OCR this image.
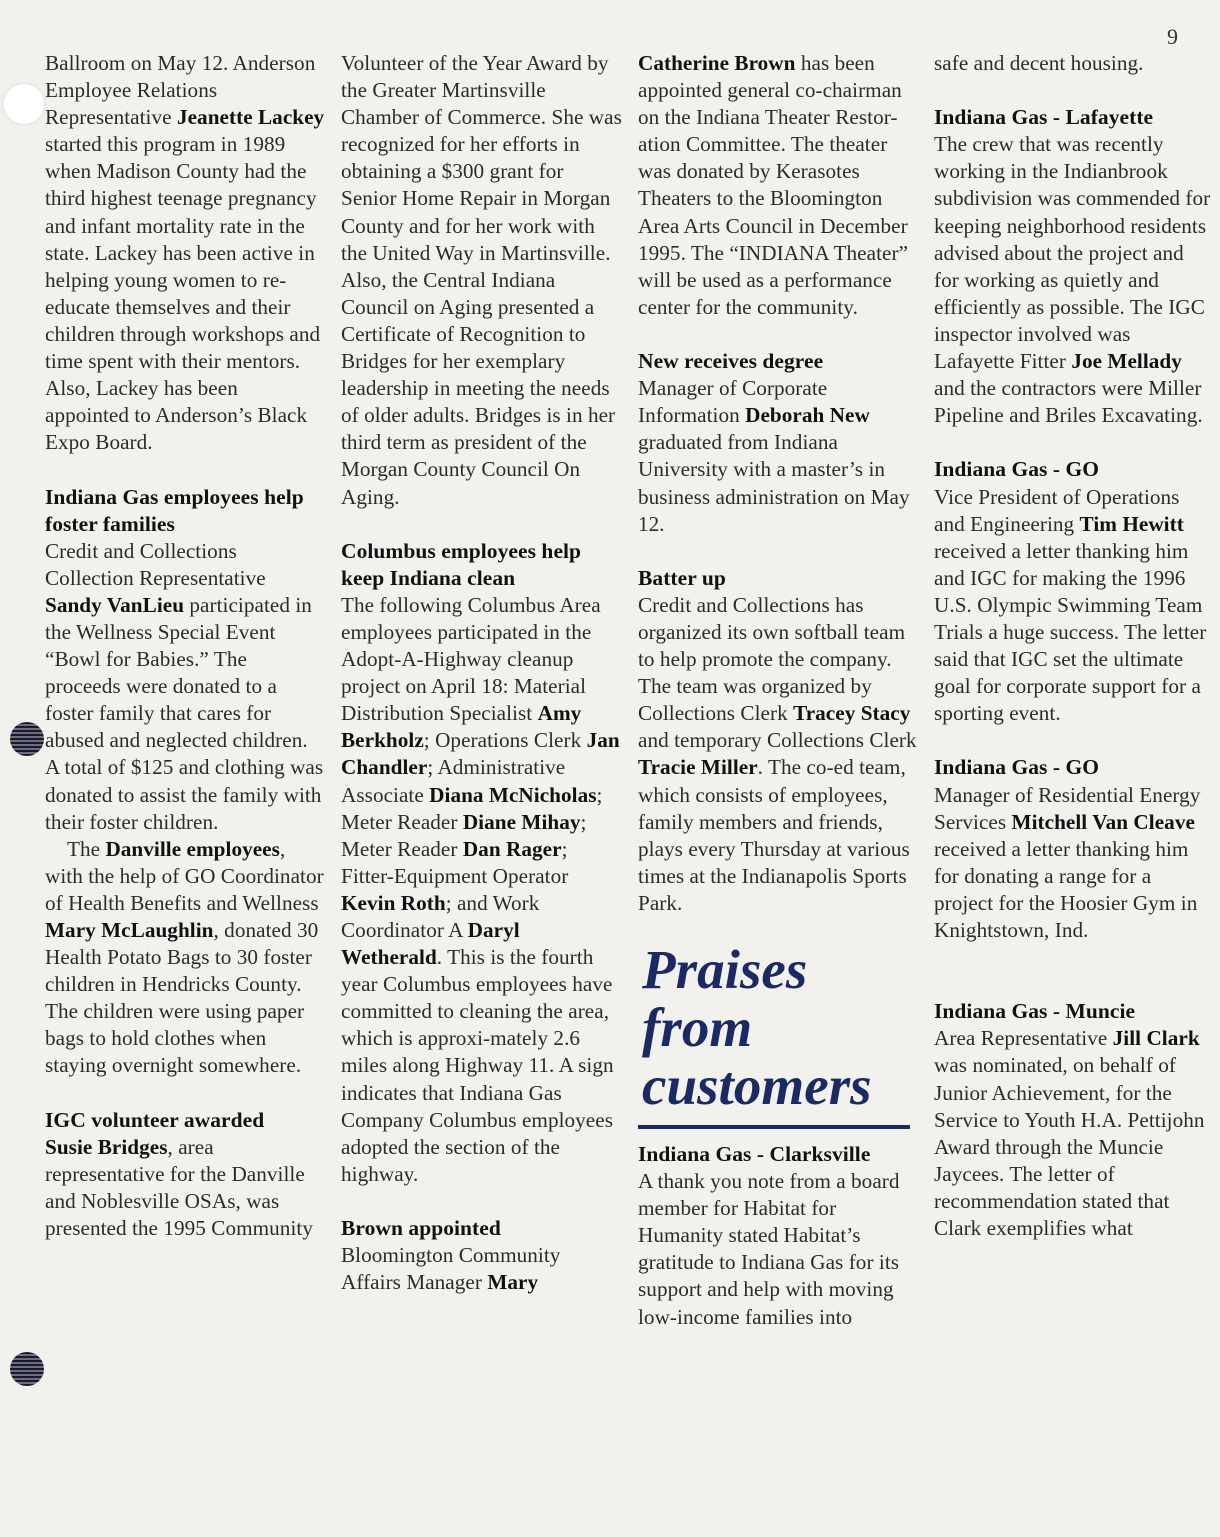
9

Ballroom on May 12. Anderson Employee Relations Representative Jeanette Lackey started this program in 1989 when Madison County had the third highest teenage pregnancy and infant mortality rate in the state. Lackey has been active in helping young women to re-educate themselves and their children through workshops and time spent with their mentors. Also, Lackey has been appointed to Anderson’s Black Expo Board.

Indiana Gas employees help foster families

Credit and Collections Collection Representative Sandy VanLieu participated in the Wellness Special Event “Bowl for Babies.” The proceeds were donated to a foster family that cares for abused and neglected children. A total of $125 and clothing was donated to assist the family with their foster children.

The Danville employees, with the help of GO Coordinator of Health Benefits and Wellness Mary McLaughlin, donated 30 Health Potato Bags to 30 foster children in Hendricks County. The children were using paper bags to hold clothes when staying overnight somewhere.

IGC volunteer awarded

Susie Bridges, area representative for the Danville and Noblesville OSAs, was presented the 1995 Community

Volunteer of the Year Award by the Greater Martinsville Chamber of Commerce. She was recognized for her efforts in obtaining a $300 grant for Senior Home Repair in Morgan County and for her work with the United Way in Martinsville. Also, the Central Indiana Council on Aging presented a Certificate of Recognition to Bridges for her exemplary leadership in meeting the needs of older adults. Bridges is in her third term as president of the Morgan County Council On Aging.

Columbus employees help keep Indiana clean

The following Columbus Area employees participated in the Adopt-A-Highway cleanup project on April 18: Material Distribution Specialist Amy Berkholz; Operations Clerk Jan Chandler; Administrative Associate Diana McNicholas; Meter Reader Diane Mihay; Meter Reader Dan Rager; Fitter-Equipment Operator Kevin Roth; and Work Coordinator A Daryl Wetherald. This is the fourth year Columbus employees have committed to cleaning the area, which is approxi-mately 2.6 miles along Highway 11. A sign indicates that Indiana Gas Company Columbus employees adopted the section of the highway.

Brown appointed

Bloomington Community Affairs Manager Mary

Catherine Brown has been appointed general co-chairman on the Indiana Theater Restor-ation Committee. The theater was donated by Kerasotes Theaters to the Bloomington Area Arts Council in December 1995. The “INDIANA Theater” will be used as a performance center for the community.

New receives degree

Manager of Corporate Information Deborah New graduated from Indiana University with a master’s in business administration on May 12.

Batter up

Credit and Collections has organized its own softball team to help promote the company. The team was organized by Collections Clerk Tracey Stacy and temporary Collections Clerk Tracie Miller. The co-ed team, which consists of employees, family members and friends, plays every Thursday at various times at the Indianapolis Sports Park.

Praises
from
customers
Indiana Gas - Clarksville

A thank you note from a board member for Habitat for Humanity stated Habitat’s gratitude to Indiana Gas for its support and help with moving low-income families into

safe and decent housing.

Indiana Gas - Lafayette

The crew that was recently working in the Indianbrook subdivision was commended for keeping neighborhood residents advised about the project and for working as quietly and efficiently as possible. The IGC inspector involved was Lafayette Fitter Joe Mellady and the contractors were Miller Pipeline and Briles Excavating.

Indiana Gas - GO

Vice President of Operations and Engineering Tim Hewitt received a letter thanking him and IGC for making the 1996 U.S. Olympic Swimming Team Trials a huge success. The letter said that IGC set the ultimate goal for corporate support for a sporting event.

Indiana Gas - GO

Manager of Residential Energy Services Mitchell Van Cleave received a letter thanking him for donating a range for a project for the Hoosier Gym in Knightstown, Ind.

Indiana Gas - Muncie

Area Representative Jill Clark was nominated, on behalf of Junior Achievement, for the Service to Youth H.A. Pettijohn Award through the Muncie Jaycees. The letter of recommendation stated that Clark exemplifies what
